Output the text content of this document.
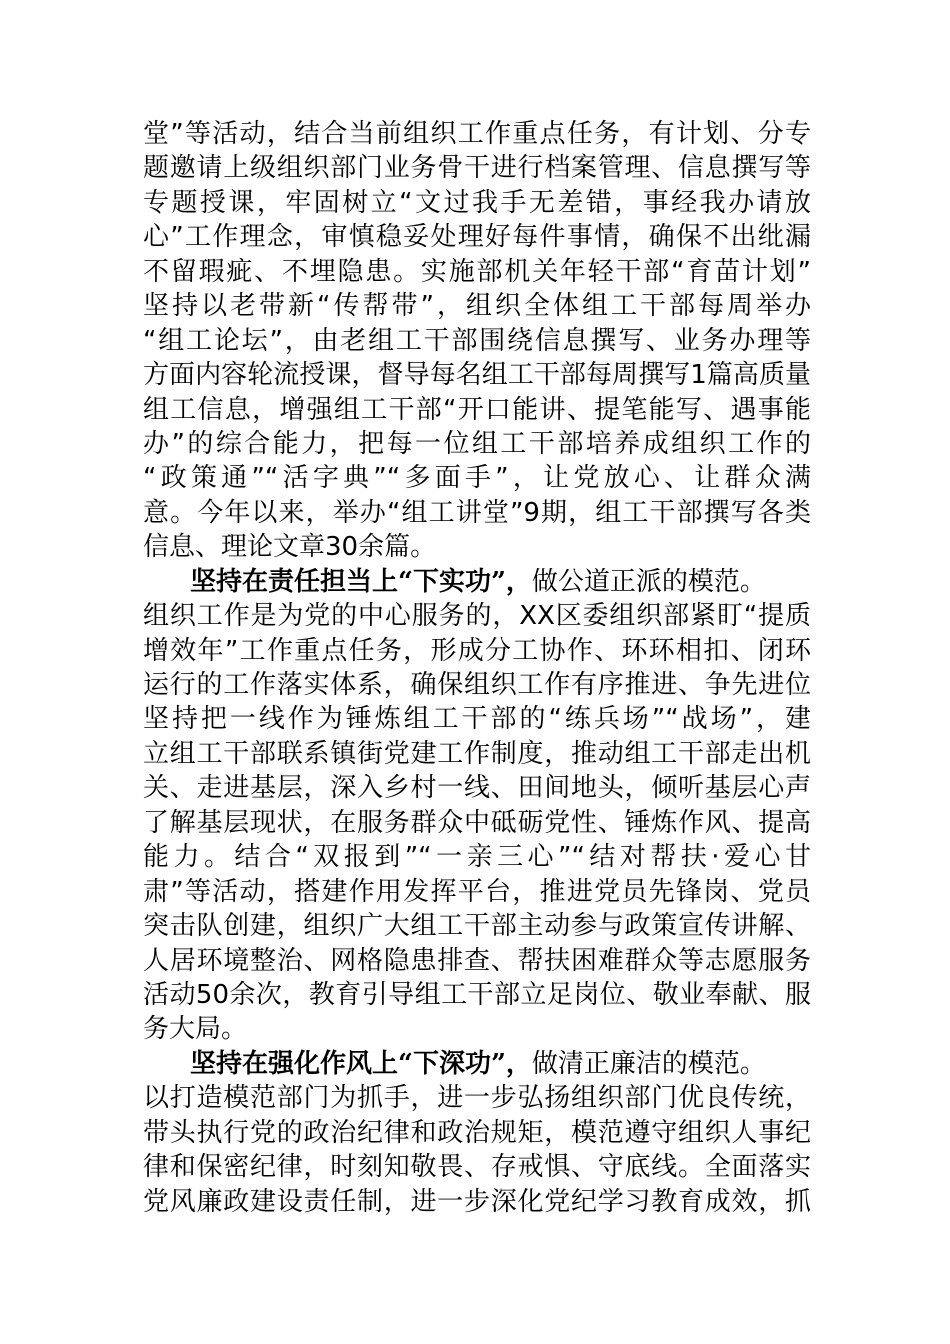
堂”等活动，结合当前组织工作重点任务，有计划、分专
题邀请上级组织部门业务骨干进行档案管理、信息撰写等
专题授课，牢固树立“文过我手无差错，事经我办请放
心”工作理念，审慎稳妥处理好每件事情，确保不出纰漏
不留瑕疵、不埋隐患。实施部机关年轻干部“育苗计划”
坚持以老带新“传帮带”，组织全体组工干部每周举办
“组工论坛”，由老组工干部围绕信息撰写、业务办理等
方面内容轮流授课，督导每名组工干部每周撰写1篇高质量
组工信息，增强组工干部“开口能讲、提笔能写、遇事能
办”的综合能力，把每一位组工干部培养成组织工作的
“政策通”“活字典”“多面手”，让党放心、让群众满
意。今年以来，举办“组工讲堂”9期，组工干部撰写各类
信息、理论文章30余篇。
坚持在责任担当上“下实功”，做公道正派的模范。
组织工作是为党的中心服务的，XX区委组织部紧盯“提质
增效年”工作重点任务，形成分工协作、环环相扣、闭环
运行的工作落实体系，确保组织工作有序推进、争先进位
坚持把一线作为锤炼组工干部的“练兵场”“战场”，建
立组工干部联系镇街党建工作制度，推动组工干部走出机
关、走进基层，深入乡村一线、田间地头，倾听基层心声
了解基层现状，在服务群众中砥砺党性、锤炼作风、提高
能力。结合“双报到”“一亲三心”“结对帮扶·爱心甘
肃”等活动，搭建作用发挥平台，推进党员先锋岗、党员
突击队创建，组织广大组工干部主动参与政策宣传讲解、
人居环境整治、网格隐患排查、帮扶困难群众等志愿服务
活动50余次，教育引导组工干部立足岗位、敬业奉献、服
务大局。
坚持在强化作风上“下深功”，做清正廉洁的模范。
以打造模范部门为抓手，进一步弘扬组织部门优良传统，
带头执行党的政治纪律和政治规矩，模范遵守组织人事纪
律和保密纪律，时刻知敬畏、存戒惧、守底线。全面落实
党风廉政建设责任制，进一步深化党纪学习教育成效，抓
